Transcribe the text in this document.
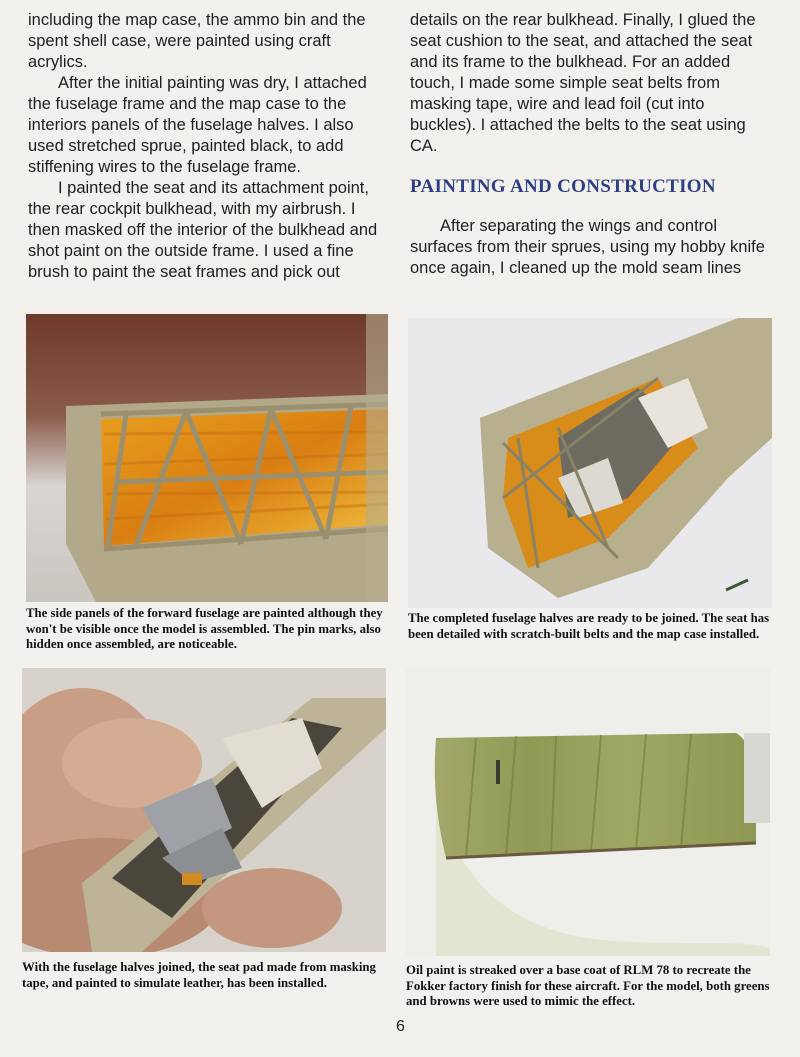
including the map case, the ammo bin and the spent shell case, were painted using craft acrylics.

After the initial painting was dry, I attached the fuselage frame and the map case to the interiors panels of the fuselage halves. I also used stretched sprue, painted black, to add stiffening wires to the fuselage frame.

I painted the seat and its attachment point, the rear cockpit bulkhead, with my airbrush. I then masked off the interior of the bulkhead and shot paint on the outside frame. I used a fine brush to paint the seat frames and pick out

details on the rear bulkhead. Finally, I glued the seat cushion to the seat, and attached the seat and its frame to the bulkhead. For an added touch, I made some simple seat belts from masking tape, wire and lead foil (cut into buckles). I attached the belts to the seat using CA.

PAINTING AND CONSTRUCTION

After separating the wings and control surfaces from their sprues, using my hobby knife once again, I cleaned up the mold seam lines

The side panels of the forward fuselage are painted although they won't be visible once the model is assembled. The pin marks, also hidden once assembled, are noticeable.
The completed fuselage halves are ready to be joined. The seat has been detailed with scratch-built belts and the map case installed.
With the fuselage halves joined, the seat pad made from masking tape, and painted to simulate leather, has been installed.
Oil paint is streaked over a base coat of RLM 78 to recreate the Fokker factory finish for these aircraft. For the model, both greens and browns were used to mimic the effect.
6
